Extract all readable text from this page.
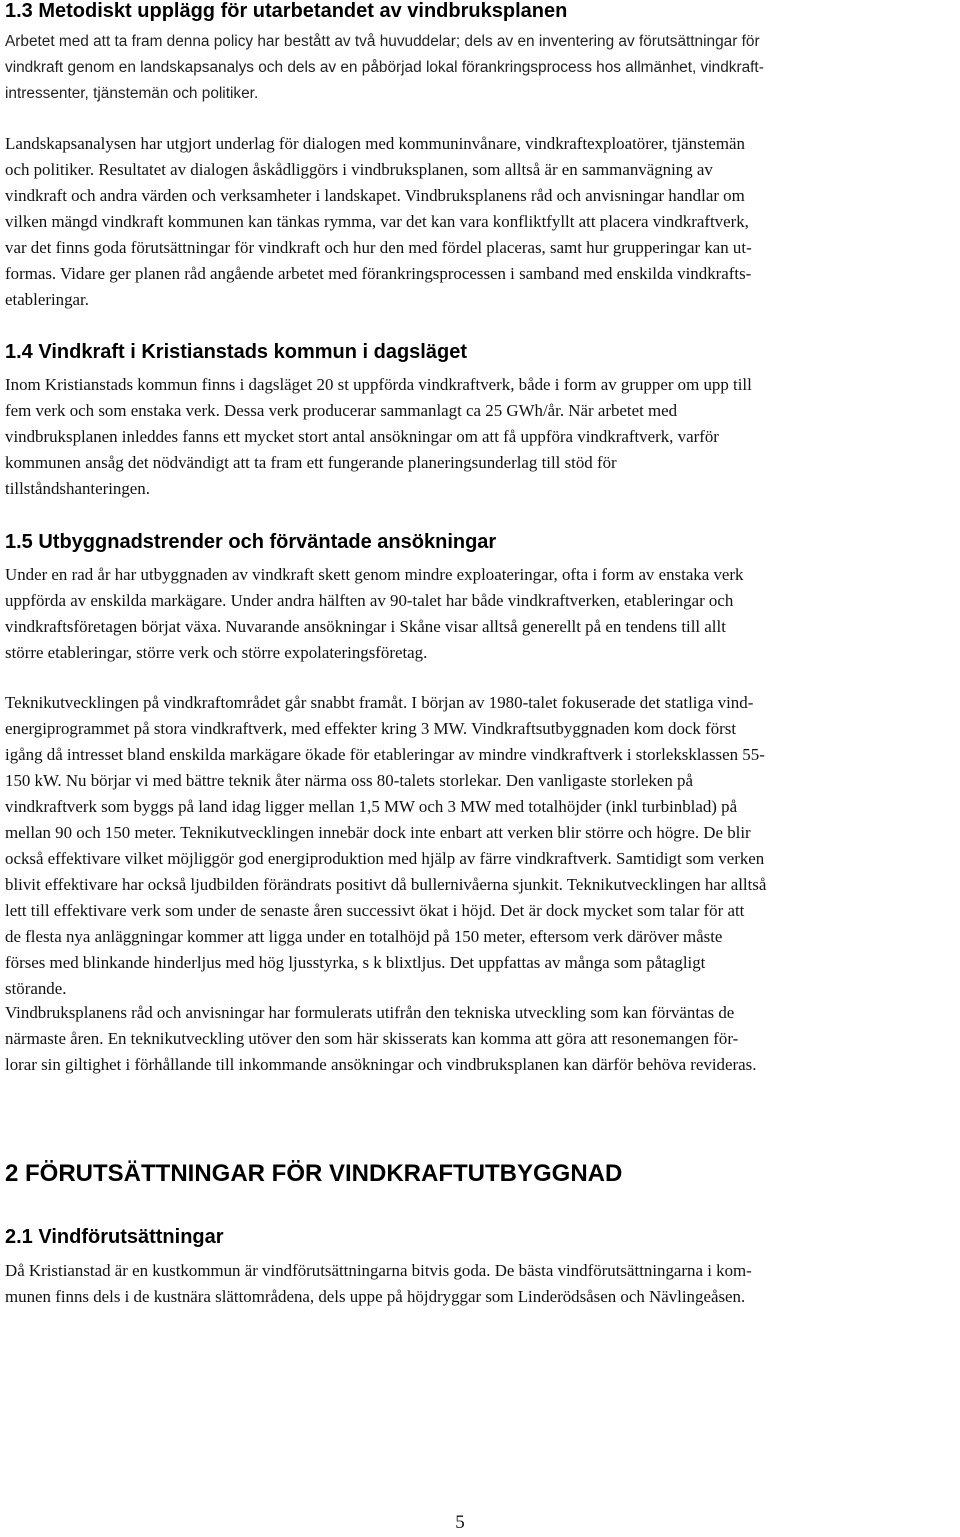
1.3 Metodiskt upplägg för utarbetandet av vindbruksplanen
Arbetet med att ta fram denna policy har bestått av två huvuddelar; dels av en inventering av förutsättningar för
vindkraft genom en landskapsanalys och dels av en påbörjad lokal förankringsprocess hos allmänhet, vindkraft-
intressenter, tjänstemän och politiker.
Landskapsanalysen har utgjort underlag för dialogen med kommuninvånare, vindkraftexploatörer, tjänstemän
och politiker. Resultatet av dialogen åskådliggörs i vindbruksplanen, som alltså är en sammanvägning av
vindkraft och andra värden och verksamheter i landskapet. Vindbruksplanens råd och anvisningar handlar om
vilken mängd vindkraft kommunen kan tänkas rymma, var det kan vara konfliktfyllt att placera vindkraftverk,
var det finns goda förutsättningar för vindkraft och hur den med fördel placeras, samt hur grupperingar kan ut-
formas. Vidare ger planen råd angående arbetet med förankringsprocessen i samband med enskilda vindkrafts-
etableringar.
1.4 Vindkraft i Kristianstads kommun i dagsläget
Inom Kristianstads kommun finns i dagsläget 20 st uppförda vindkraftverk, både i form av grupper om upp till
fem verk och som enstaka verk. Dessa verk producerar sammanlagt ca 25 GWh/år. När arbetet med
vindbruksplanen inleddes fanns ett mycket stort antal ansökningar om att få uppföra vindkraftverk, varför
kommunen ansåg det nödvändigt att ta fram ett fungerande planeringsunderlag till stöd för
tillståndshanteringen.
1.5 Utbyggnadstrender och förväntade ansökningar
Under en rad år har utbyggnaden av vindkraft skett genom mindre exploateringar, ofta i form av enstaka verk
uppförda av enskilda markägare. Under andra hälften av 90-talet har både vindkraftverken, etableringar och
vindkraftsföretagen börjat växa. Nuvarande ansökningar i Skåne visar alltså generellt på en tendens till allt
större etableringar, större verk och större expolateringsföretag.
Teknikutvecklingen på vindkraftområdet går snabbt framåt. I början av 1980-talet fokuserade det statliga vind-
energiprogrammet på stora vindkraftverk, med effekter kring 3 MW. Vindkraftsutbyggnaden kom dock först
igång då intresset bland enskilda markägare ökade för etableringar av mindre vindkraftverk i storleksklassen 55-
150 kW. Nu börjar vi med bättre teknik åter närma oss 80-talets storlekar. Den vanligaste storleken på
vindkraftverk som byggs på land idag ligger mellan 1,5 MW och 3 MW med totalhöjder (inkl turbinblad) på
mellan 90 och 150 meter. Teknikutvecklingen innebär dock inte enbart att verken blir större och högre. De blir
också effektivare vilket möjliggör god energiproduktion med hjälp av färre vindkraftverk. Samtidigt som verken
blivit effektivare har också ljudbilden förändrats positivt då bullernivåerna sjunkit. Teknikutvecklingen har alltså
lett till effektivare verk som under de senaste åren successivt ökat i höjd. Det är dock mycket som talar för att
de flesta nya anläggningar kommer att ligga under en totalhöjd på 150 meter, eftersom verk däröver måste
förses med blinkande hinderljus med hög ljusstyrka, s k blixtljus. Det uppfattas av många som påtagligt
störande.
Vindbruksplanens råd och anvisningar har formulerats utifrån den tekniska utveckling som kan förväntas de
närmaste åren. En teknikutveckling utöver den som här skisserats kan komma att göra att resonemangen för-
lorar sin giltighet i förhållande till inkommande ansökningar och vindbruksplanen kan därför behöva revideras.
2 FÖRUTSÄTTNINGAR FÖR VINDKRAFTUTBYGGNAD
2.1 Vindförutsättningar
Då Kristianstad är en kustkommun är vindförutsättningarna bitvis goda. De bästa vindförutsättningarna i kom-
munen finns dels i de kustnära slättområdena, dels uppe på höjdryggar som Linderödsåsen och Nävlingeåsen.
5
